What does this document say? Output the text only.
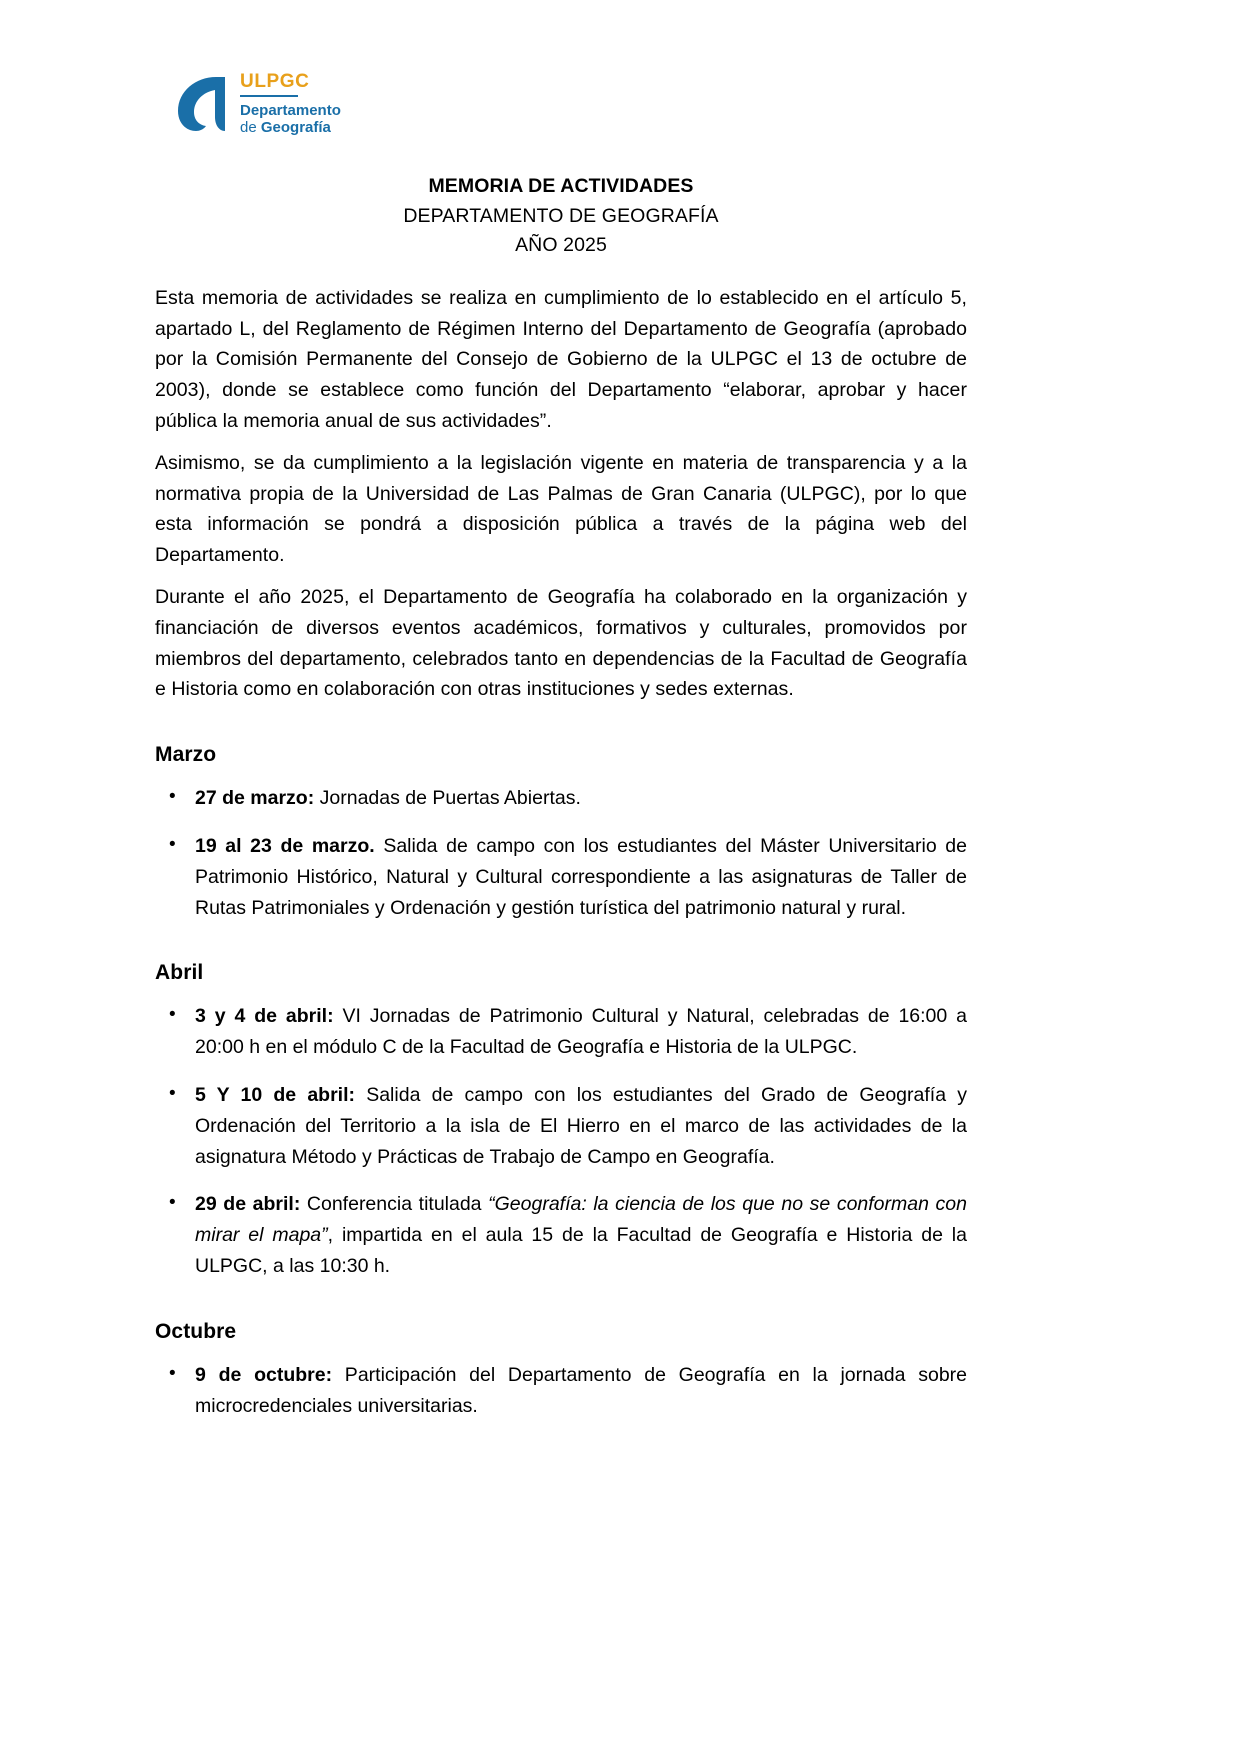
ULPGC
Departamento
de Geografía
MEMORIA DE ACTIVIDADES
DEPARTAMENTO DE GEOGRAFÍA
AÑO 2025

Esta memoria de actividades se realiza en cumplimiento de lo establecido en el artículo 5, apartado L, del Reglamento de Régimen Interno del Departamento de Geografía (aprobado por la Comisión Permanente del Consejo de Gobierno de la ULPGC el 13 de octubre de 2003), donde se establece como función del Departamento “elaborar, aprobar y hacer pública la memoria anual de sus actividades”.

Asimismo, se da cumplimiento a la legislación vigente en materia de transparencia y a la normativa propia de la Universidad de Las Palmas de Gran Canaria (ULPGC), por lo que esta información se pondrá a disposición pública a través de la página web del Departamento.

Durante el año 2025, el Departamento de Geografía ha colaborado en la organización y financiación de diversos eventos académicos, formativos y culturales, promovidos por miembros del departamento, celebrados tanto en dependencias de la Facultad de Geografía e Historia como en colaboración con otras instituciones y sedes externas.

Marzo
• 27 de marzo: Jornadas de Puertas Abiertas.
• 19 al 23 de marzo. Salida de campo con los estudiantes del Máster Universitario de Patrimonio Histórico, Natural y Cultural correspondiente a las asignaturas de Taller de Rutas Patrimoniales y Ordenación y gestión turística del patrimonio natural y rural.
Abril
• 3 y 4 de abril: VI Jornadas de Patrimonio Cultural y Natural, celebradas de 16:00 a 20:00 h en el módulo C de la Facultad de Geografía e Historia de la ULPGC.
• 5 Y 10 de abril: Salida de campo con los estudiantes del Grado de Geografía y Ordenación del Territorio a la isla de El Hierro en el marco de las actividades de la asignatura Método y Prácticas de Trabajo de Campo en Geografía.
• 29 de abril: Conferencia titulada “Geografía: la ciencia de los que no se conforman con mirar el mapa”, impartida en el aula 15 de la Facultad de Geografía e Historia de la ULPGC, a las 10:30 h.
Octubre
• 9 de octubre: Participación del Departamento de Geografía en la jornada sobre microcredenciales universitarias.
